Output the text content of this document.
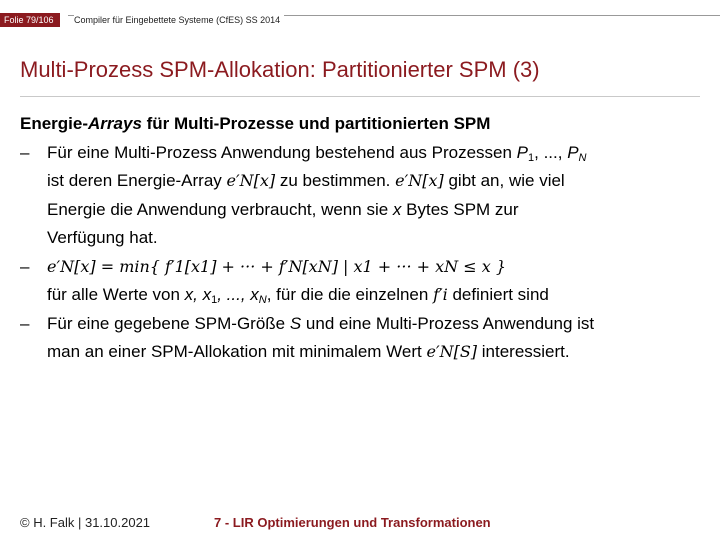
Folie 79/106	Compiler für Eingebettete Systeme (CfES) SS 2014
Multi-Prozess SPM-Allokation: Partitionierter SPM (3)
Energie-Arrays für Multi-Prozesse und partitionierten SPM
– Für eine Multi-Prozess Anwendung bestehend aus Prozessen $P_1$, ..., $P_N$
ist deren Energie-Array e′N[x] zu bestimmen. e′N[x] gibt an, wie viel
Energie die Anwendung verbraucht, wenn sie x Bytes SPM zur
Verfügung hat.
– e′N[x] = min{ f′1[x1] + ··· + f′N[xN] | x1 + ··· + xN ≤ x }
für alle Werte von x, $x_1$, ..., $x_N$, für die die einzelnen f′i definiert sind
– Für eine gegebene SPM-Größe S und eine Multi-Prozess Anwendung ist
man an einer SPM-Allokation mit minimalem Wert e′N[S] interessiert.
© H. Falk | 31.10.2021	7 - LIR Optimierungen und Transformationen
